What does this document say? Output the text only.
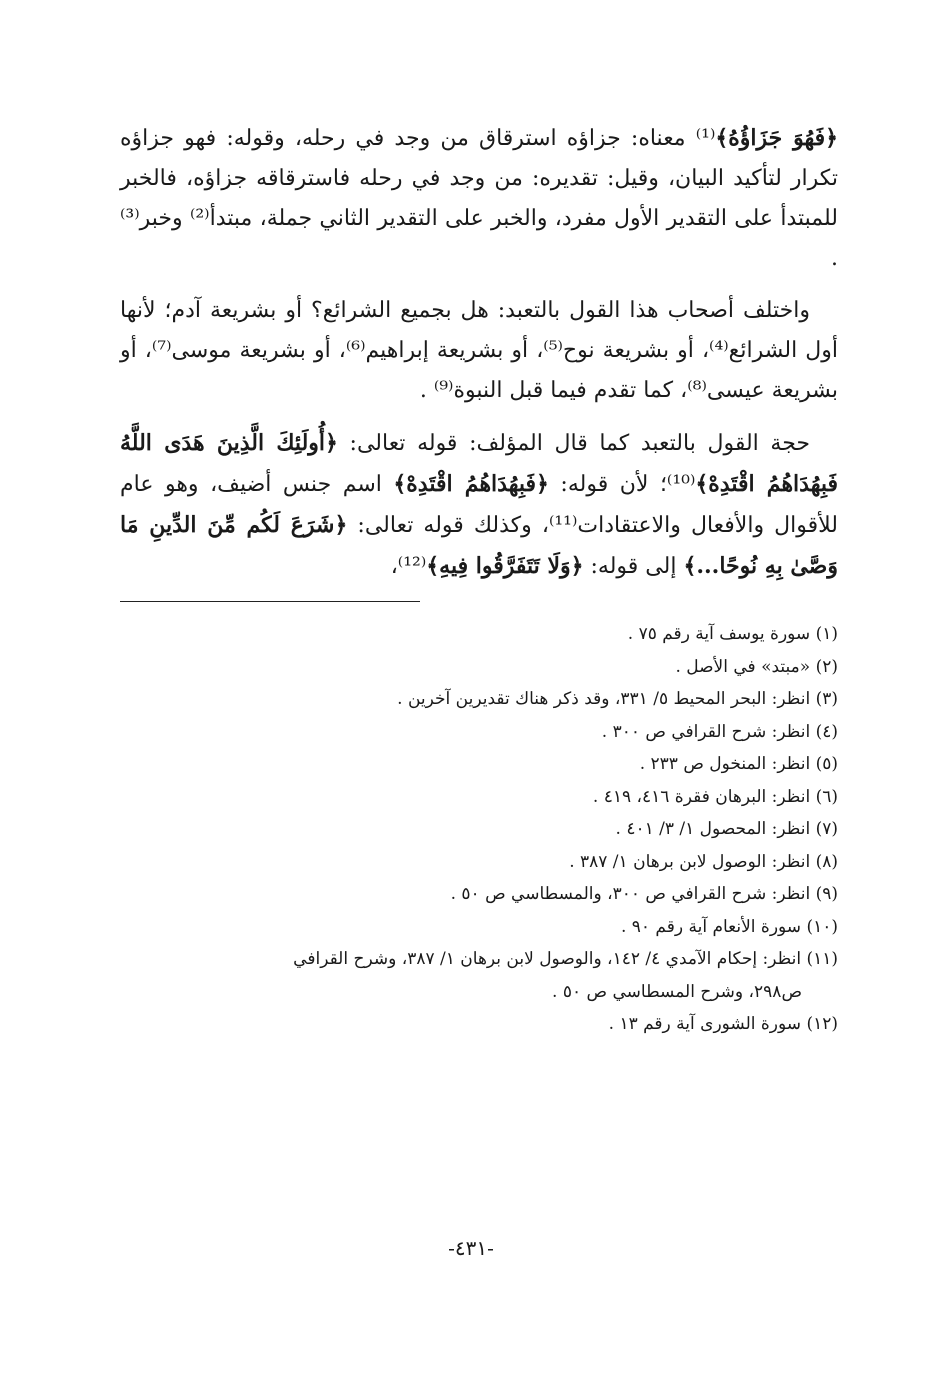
﴿فَهُوَ جَزَاؤُهُ﴾⁽¹⁾ معناه: جزاؤه استرقاق من وجد في رحله، وقوله: فهو جزاؤه تكرار لتأكيد البيان، وقيل: تقديره: من وجد في رحله فاسترقاقه جزاؤه، فالخبر للمبتدأ على التقدير الأول مفرد، والخبر على التقدير الثاني جملة، مبتدأ⁽²⁾ وخبر⁽³⁾ .

واختلف أصحاب هذا القول بالتعبد: هل بجميع الشرائع؟ أو بشريعة آدم؛ لأنها أول الشرائع⁽⁴⁾، أو بشريعة نوح⁽⁵⁾، أو بشريعة إبراهيم⁽⁶⁾، أو بشريعة موسى⁽⁷⁾، أو بشريعة عيسى⁽⁸⁾، كما تقدم فيما قبل النبوة⁽⁹⁾ .

حجة القول بالتعبد كما قال المؤلف: قوله تعالى: ﴿أُولَئِكَ الَّذِينَ هَدَى اللَّهُ فَبِهُدَاهُمُ اقْتَدِهْ﴾⁽¹⁰⁾؛ لأن قوله: ﴿فَبِهُدَاهُمُ اقْتَدِهْ﴾ اسم جنس أضيف، وهو عام للأقوال والأفعال والاعتقادات⁽¹¹⁾، وكذلك قوله تعالى: ﴿شَرَعَ لَكُم مِّنَ الدِّينِ مَا وَصَّىٰ بِهِ نُوحًا...﴾ إلى قوله: ﴿وَلَا تَتَفَرَّقُوا فِيهِ﴾⁽¹²⁾،

(١) سورة يوسف آية رقم ٧٥ .
(٢) «مبتد» في الأصل .
(٣) انظر: البحر المحيط ٥/ ٣٣١، وقد ذكر هناك تقديرين آخرين .
(٤) انظر: شرح القرافي ص ٣٠٠ .
(٥) انظر: المنخول ص ٢٣٣ .
(٦) انظر: البرهان فقرة ٤١٦، ٤١٩ .
(٧) انظر: المحصول ١/ ٣/ ٤٠١ .
(٨) انظر: الوصول لابن برهان ١/ ٣٨٧ .
(٩) انظر: شرح القرافي ص ٣٠٠، والمسطاسي ص ٥٠ .
(١٠) سورة الأنعام آية رقم ٩٠ .
(١١) انظر: إحكام الآمدي ٤/ ١٤٢، والوصول لابن برهان ١/ ٣٨٧، وشرح القرافي
ص٢٩٨، وشرح المسطاسي ص ٥٠ .
(١٢) سورة الشورى آية رقم ١٣ .
-٤٣١-
